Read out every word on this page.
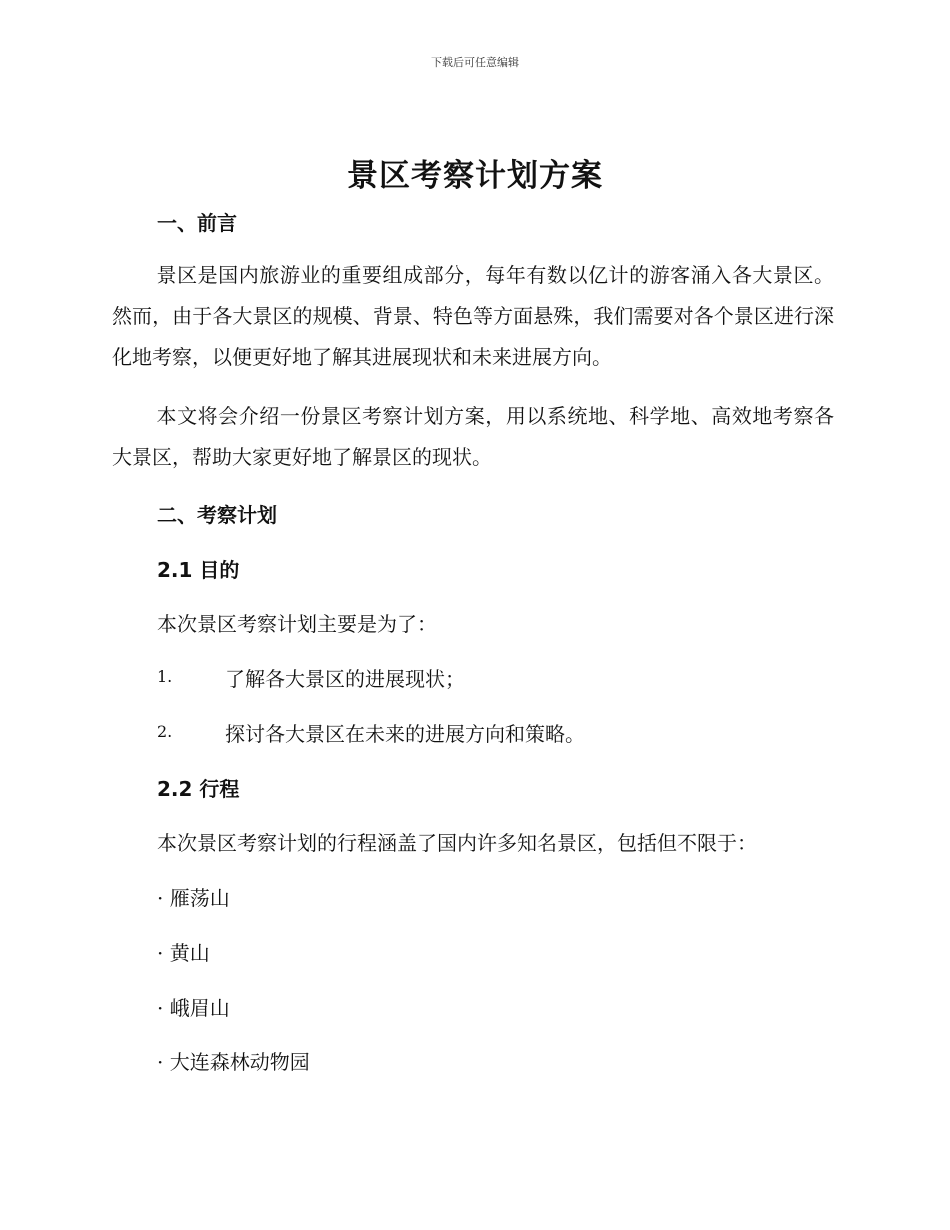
下载后可任意编辑
景区考察计划方案
一、前言
景区是国内旅游业的重要组成部分，每年有数以亿计的游客涌入各大景区。然而，由于各大景区的规模、背景、特色等方面悬殊，我们需要对各个景区进行深化地考察，以便更好地了解其进展现状和未来进展方向。
本文将会介绍一份景区考察计划方案，用以系统地、科学地、高效地考察各大景区，帮助大家更好地了解景区的现状。
二、考察计划
2.1 目的
本次景区考察计划主要是为了：
1.	了解各大景区的进展现状；
2.	探讨各大景区在未来的进展方向和策略。
2.2 行程
本次景区考察计划的行程涵盖了国内许多知名景区，包括但不限于：
· 雁荡山
· 黄山
· 峨眉山
· 大连森林动物园
